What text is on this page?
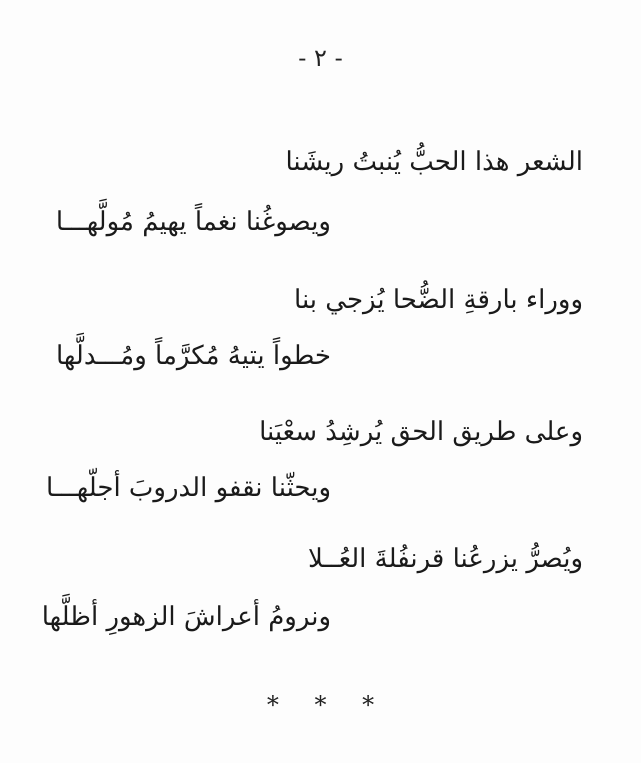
- ٢ -
الشعر هذا الحبُّ يُنبتُ ريشَنا
ويصوغُنا نغماً يهيمُ مُولَّهـــا
ووراء بارقةِ الضُّحا يُزجي بنا
خطواً يتيهُ مُكرَّماً ومُـــدلَّها
وعلى طريق الحق يُرشِدُ سعْيَنا
ويحثّنا نقفو الدروبَ أجلّهـــا
ويُصرُّ يزرعُنا قرنفُلةَ العُــلا
ونرومُ أعراشَ الزهورِ أظلَّها
* * *
